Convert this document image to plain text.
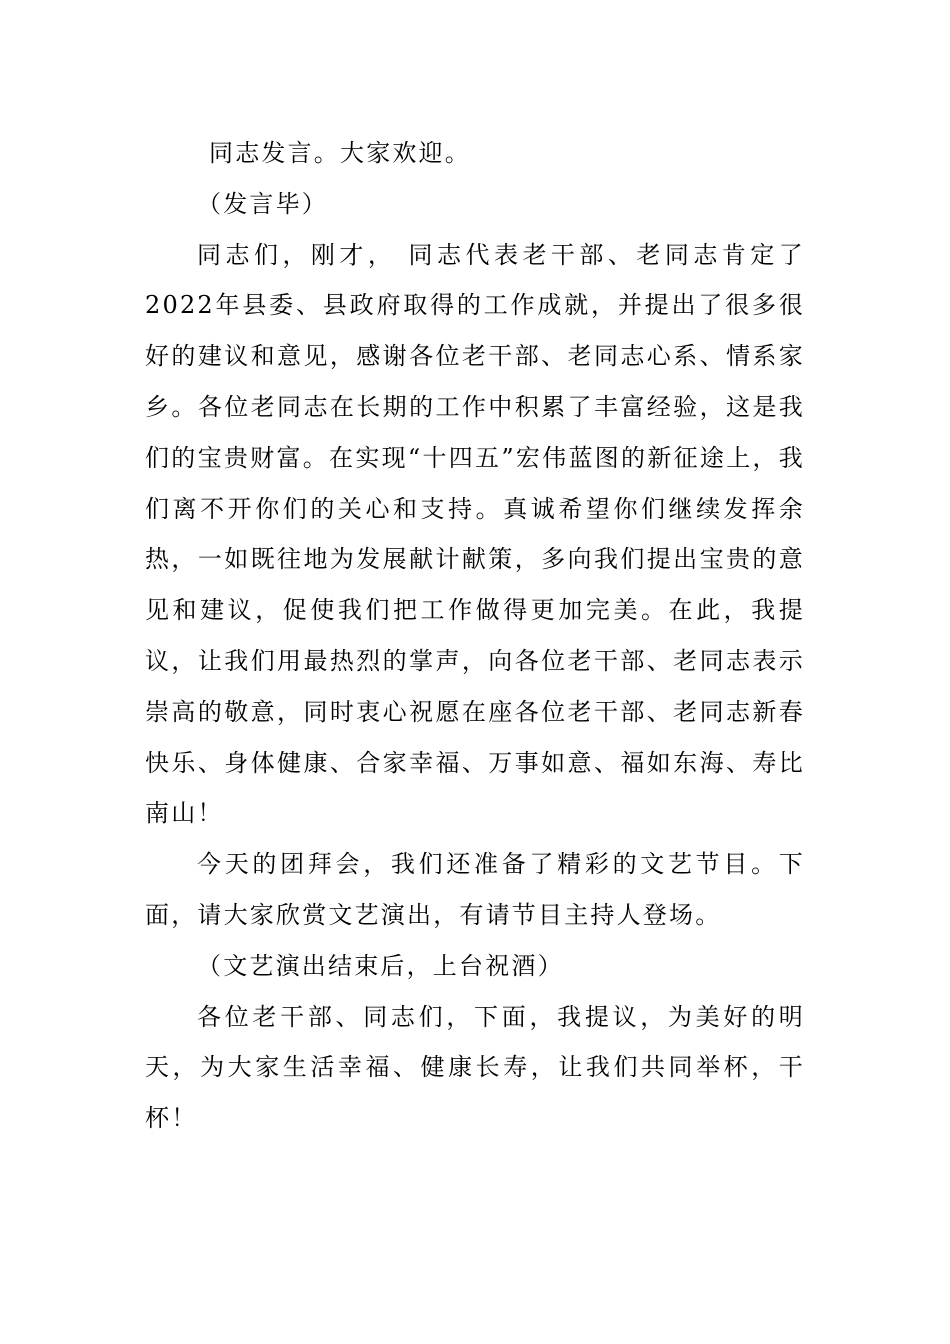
同志发言。大家欢迎。

（发言毕）

同志们，刚才， 同志代表老干部、老同志肯定了2022年县委、县政府取得的工作成就，并提出了很多很好的建议和意见，感谢各位老干部、老同志心系、情系家乡。各位老同志在长期的工作中积累了丰富经验，这是我们的宝贵财富。在实现“十四五”宏伟蓝图的新征途上，我们离不开你们的关心和支持。真诚希望你们继续发挥余热，一如既往地为发展献计献策，多向我们提出宝贵的意见和建议，促使我们把工作做得更加完美。在此，我提议，让我们用最热烈的掌声，向各位老干部、老同志表示崇高的敬意，同时衷心祝愿在座各位老干部、老同志新春快乐、身体健康、合家幸福、万事如意、福如东海、寿比南山！

今天的团拜会，我们还准备了精彩的文艺节目。下面，请大家欣赏文艺演出，有请节目主持人登场。

（文艺演出结束后，上台祝酒）

各位老干部、同志们，下面，我提议，为美好的明天，为大家生活幸福、健康长寿，让我们共同举杯，干杯！
